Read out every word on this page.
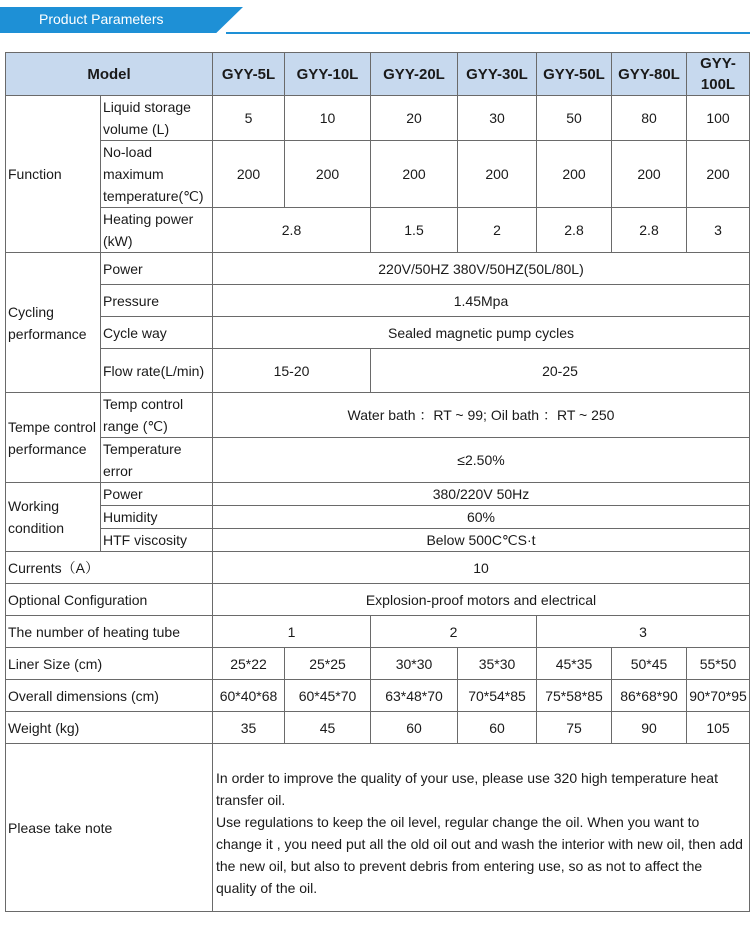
Product Parameters
Model		GYY-5L	GYY-10L	GYY-20L	GYY-30L	GYY-50L	GYY-80L	GYY-100L
Function	Liquid storage volume (L)	5	10	20	30	50	80	100
	No-load maximum temperature(℃)	200	200	200	200	200	200	200
	Heating power (kW)	2.8		1.5	2	2.8	2.8	3
Cycling performance	Power	220V/50HZ 380V/50HZ(50L/80L)						
	Pressure	1.45Mpa						
	Cycle way	Sealed magnetic pump cycles						
	Flow rate(L/min)	15-20		20-25				
Tempe control performance	Temp control range (℃)	Water bath ：RT ~ 99; Oil bath ：RT ~ 250						
	Temperature error	≤2.50%						
Working condition	Power	380/220V 50Hz						
	Humidity	60%						
	HTF viscosity	Below 500C℃S·t						
Currents（A）		10						
Optional Configuration		Explosion-proof motors and electrical						
The number of heating tube		1		2		3		
Liner Size (cm)		25*22	25*25	30*30	35*30	45*35	50*45	55*50
Overall dimensions (cm)		60*40*68	60*45*70	63*48*70	70*54*85	75*58*85	86*68*90	90*70*95
Weight (kg)		35	45	60	60	75	90	105
Please take note		In order to improve the quality of your use, please use 320 high temperature heat transfer oil.
Use regulations to keep the oil level, regular change the oil. When you want to change it , you need put all the old oil out and wash the interior with new oil, then add the new oil, but also to prevent debris from entering use, so as not to affect the quality of the oil.						
